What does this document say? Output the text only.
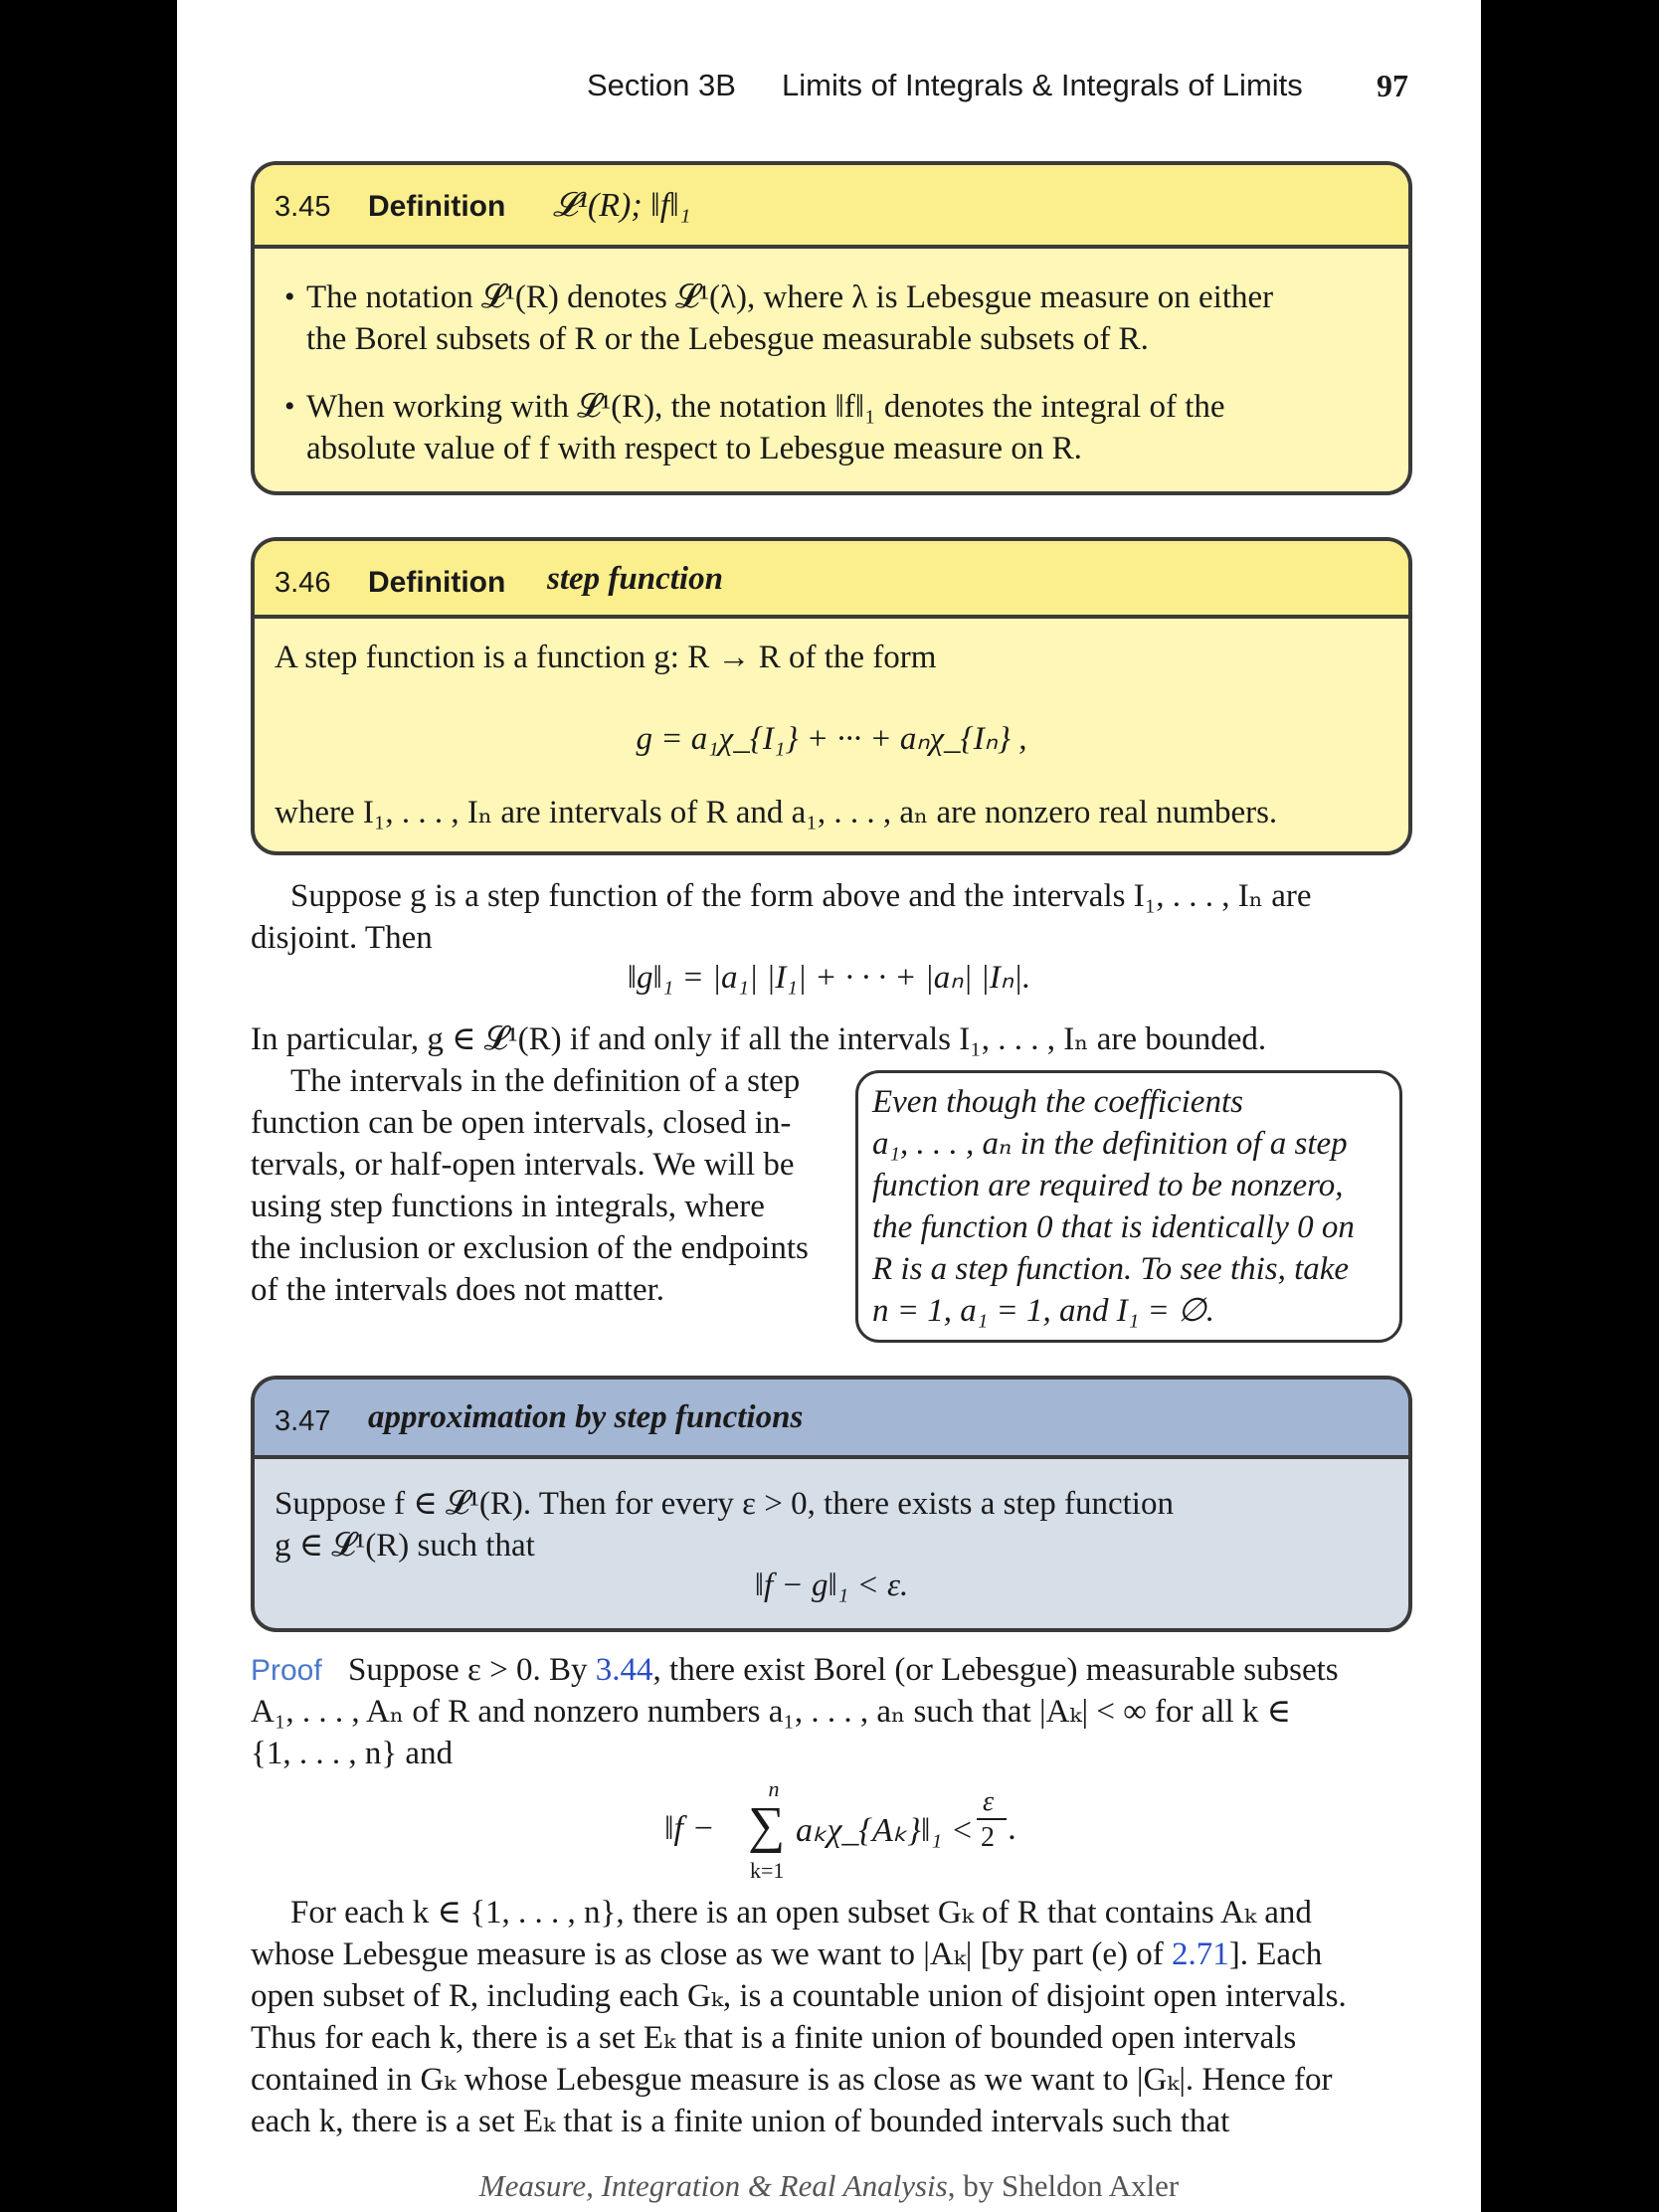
Section 3B Limits of Integrals & Integrals of Limits 97
3.45 Definition 𝓛¹(R); ‖f‖₁
• The notation 𝓛¹(R) denotes 𝓛¹(λ), where λ is Lebesgue measure on either
the Borel subsets of R or the Lebesgue measurable subsets of R.
• When working with 𝓛¹(R), the notation ‖f‖₁ denotes the integral of the
absolute value of f with respect to Lebesgue measure on R.
3.46 Definition step function
A step function is a function g: R → R of the form
g = a₁χ_{I₁} + ··· + aₙχ_{Iₙ} ,
where I₁, . . . , Iₙ are intervals of R and a₁, . . . , aₙ are nonzero real numbers.
Suppose g is a step function of the form above and the intervals I₁, . . . , Iₙ are
disjoint. Then
‖g‖₁ = |a₁| |I₁| + · · · + |aₙ| |Iₙ|.
In particular, g ∈ 𝓛¹(R) if and only if all the intervals I₁, . . . , Iₙ are bounded.
The intervals in the definition of a step
function can be open intervals, closed in-
tervals, or half-open intervals. We will be
using step functions in integrals, where
the inclusion or exclusion of the endpoints
of the intervals does not matter.
Even though the coefficients
a₁, . . . , aₙ in the definition of a step
function are required to be nonzero,
the function 0 that is identically 0 on
R is a step function. To see this, take
n = 1, a₁ = 1, and I₁ = ∅.
3.47 approximation by step functions
Suppose f ∈ 𝓛¹(R). Then for every ε > 0, there exists a step function
g ∈ 𝓛¹(R) such that
‖f − g‖₁ < ε.
Proof Suppose ε > 0. By 3.44, there exist Borel (or Lebesgue) measurable subsets
A₁, . . . , Aₙ of R and nonzero numbers a₁, . . . , aₙ such that |Aₖ| < ∞ for all k ∈
{1, . . . , n} and
‖f −
n
∑
k=1
aₖχ_{Aₖ}‖₁ <
ε
2 .
For each k ∈ {1, . . . , n}, there is an open subset Gₖ of R that contains Aₖ and
whose Lebesgue measure is as close as we want to |Aₖ| [by part (e) of 2.71]. Each
open subset of R, including each Gₖ, is a countable union of disjoint open intervals.
Thus for each k, there is a set Eₖ that is a finite union of bounded open intervals
contained in Gₖ whose Lebesgue measure is as close as we want to |Gₖ|. Hence for
each k, there is a set Eₖ that is a finite union of bounded intervals such that
Measure, Integration & Real Analysis, by Sheldon Axler
